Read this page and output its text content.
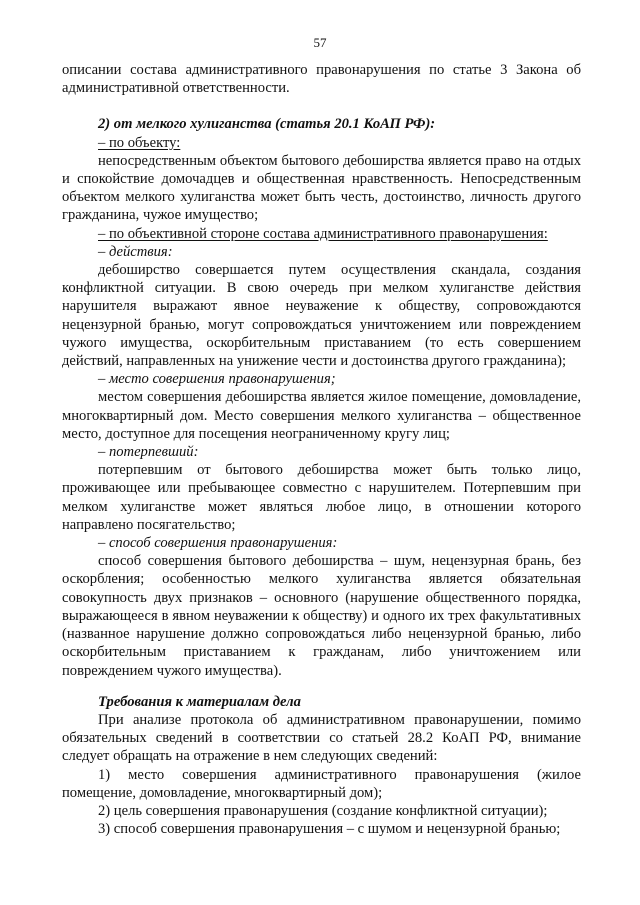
57

описании состава административного правонарушения по статье 3 Закона об административной ответственности.

2) от мелкого хулиганства (статья 20.1 КоАП РФ):

– по объекту:

непосредственным объектом бытового дебоширства является право на отдых и спокойствие домочадцев и общественная нравственность. Непосредственным объектом мелкого хулиганства может быть честь, достоинство, личность другого гражданина, чужое имущество;

– по объективной стороне состава административного правонарушения:

– действия:

дебоширство совершается путем осуществления скандала, создания конфликтной ситуации. В свою очередь при мелком хулиганстве действия нарушителя выражают явное неуважение к обществу, сопровождаются нецензурной бранью, могут сопровождаться уничтожением или повреждением чужого имущества, оскорбительным приставанием (то есть совершением действий, направленных на унижение чести и достоинства другого гражданина);

– место совершения правонарушения;

местом совершения дебоширства является жилое помещение, домовладение, многоквартирный дом. Место совершения мелкого хулиганства – общественное место, доступное для посещения неограниченному кругу лиц;

– потерпевший:

потерпевшим от бытового дебоширства может быть только лицо, проживающее или пребывающее совместно с нарушителем. Потерпевшим при мелком хулиганстве может являться любое лицо, в отношении которого направлено посягательство;

– способ совершения правонарушения:

способ совершения бытового дебоширства – шум, нецензурная брань, без оскорбления; особенностью мелкого хулиганства является обязательная совокупность двух признаков – основного (нарушение общественного порядка, выражающееся в явном неуважении к обществу) и одного их трех факультативных (названное нарушение должно сопровождаться либо нецензурной бранью, либо оскорбительным приставанием к гражданам, либо уничтожением или повреждением чужого имущества).

Требования к материалам дела

При анализе протокола об административном правонарушении, помимо обязательных сведений в соответствии со статьей 28.2 КоАП РФ, внимание следует обращать на отражение в нем следующих сведений:

1) место совершения административного правонарушения (жилое помещение, домовладение, многоквартирный дом);

2) цель совершения правонарушения (создание конфликтной ситуации);

3) способ совершения правонарушения – с шумом и нецензурной бранью;
